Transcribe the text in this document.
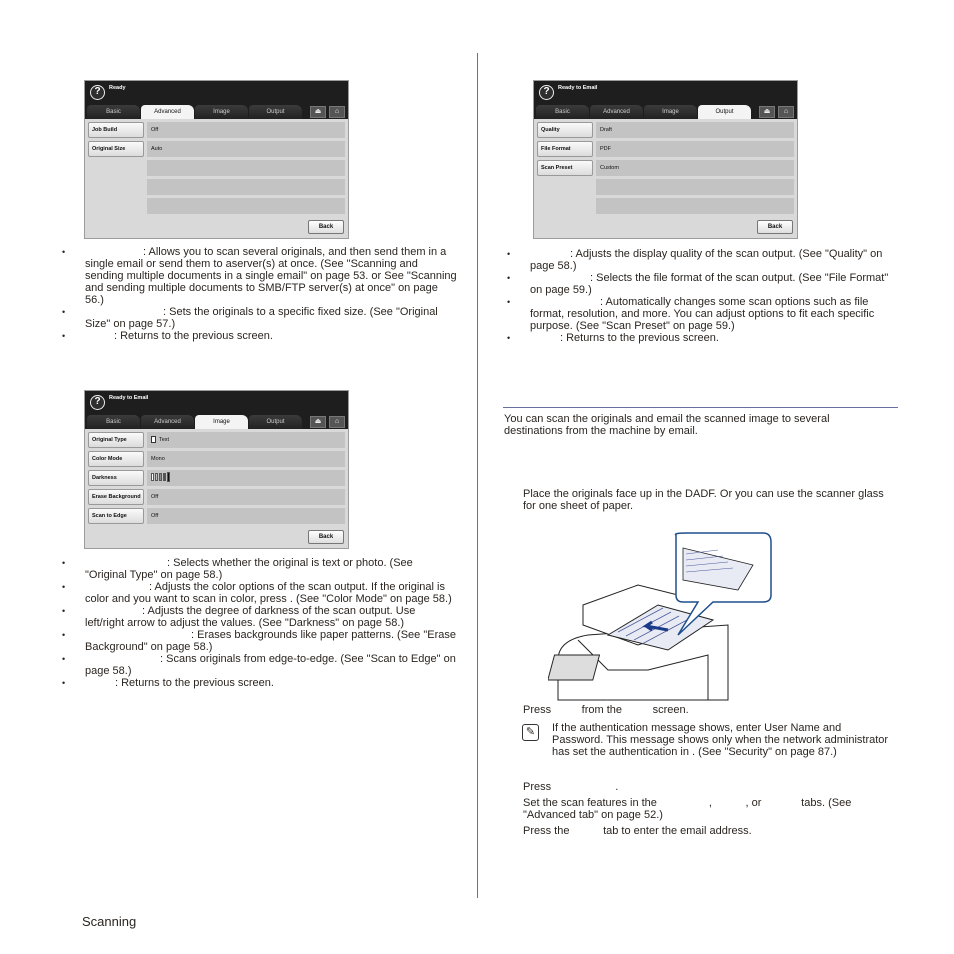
?	Ready
Basic	Advanced	Image	Output	⏏	⌂
Job Build	Off
Original Size	Auto
Back
• : Allows you to scan several originals, and then send them in a single email or send them to aserver(s) at once. (See "Scanning and sending multiple documents in a single email" on page 53. or See "Scanning and sending multiple documents to SMB/FTP server(s) at once" on page 56.)
• : Sets the originals to a specific fixed size. (See "Original Size" on page 57.)
• : Returns to the previous screen.
?	Ready to Email
Basic	Advanced	Image	Output	⏏	⌂
Original Type	Text
Color Mode	Mono
Darkness
Erase Background	Off
Scan to Edge	Off
Back
• : Selects whether the original is text or photo. (See "Original Type" on page 58.)
• : Adjusts the color options of the scan output. If the original is color and you want to scan in color, press . (See "Color Mode" on page 58.)
• : Adjusts the degree of darkness of the scan output. Use left/right arrow to adjust the values. (See "Darkness" on page 58.)
• : Erases backgrounds like paper patterns. (See "Erase Background" on page 58.)
• : Scans originals from edge-to-edge. (See "Scan to Edge" on page 58.)
• : Returns to the previous screen.
?	Ready to Email
Basic	Advanced	Image	Output	⏏	⌂
Quality	Draft
File Format	PDF
Scan Preset	Custom
Back
• : Adjusts the display quality of the scan output. (See "Quality" on page 58.)
• : Selects the file format of the scan output. (See "File Format" on page 59.)
• : Automatically changes some scan options such as file format, resolution, and more. You can adjust options to fit each specific purpose. (See "Scan Preset" on page 59.)
• : Returns to the previous screen.

You can scan the originals and email the scanned image to several destinations from the machine by email.

Place the originals face up in the DADF. Or you can use the scanner glass for one sheet of paper.

Press          from the          screen.

✎	If the authentication message shows, enter User Name and Password. This message shows only when the network administrator has set the authentication in . (See "Security" on page 87.)

Press                     .

Set the scan features in the                 ,           , or             tabs. (See "Advanced tab" on page 52.)

Press the           tab to enter the email address.

Scanning
